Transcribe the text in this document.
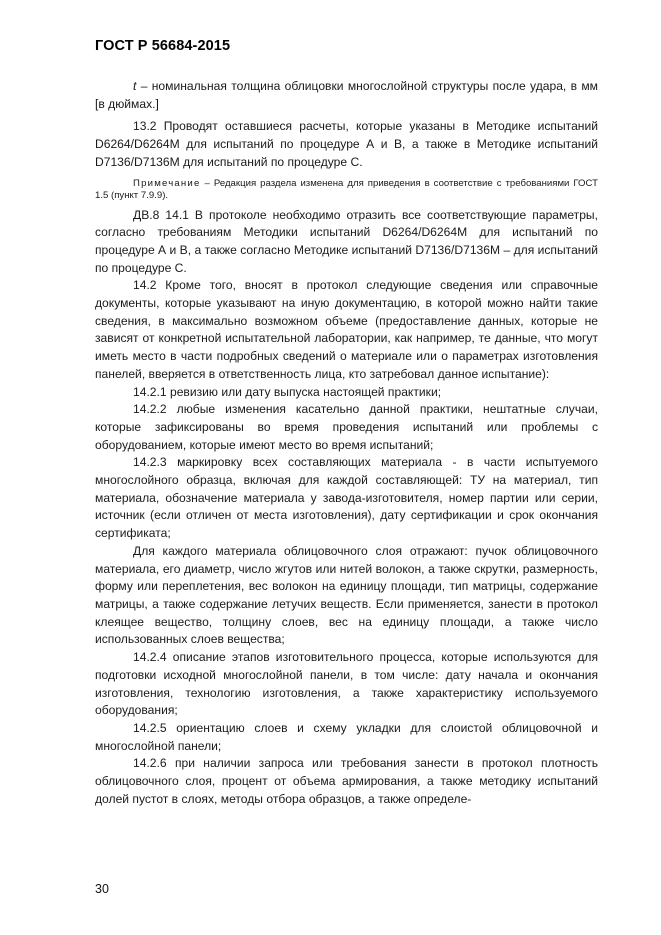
ГОСТ Р 56684-2015

t – номинальная толщина облицовки многослойной структуры после удара, в мм [в дюймах.]

13.2 Проводят оставшиеся расчеты, которые указаны в Методике испытаний D6264/D6264M для испытаний по процедуре А и В, а также в Методике испытаний D7136/D7136M для испытаний по процедуре С.

Примечание – Редакция раздела изменена для приведения в соответствие с требованиями ГОСТ 1.5 (пункт 7.9.9).

ДВ.8 14.1 В протоколе необходимо отразить все соответствующие параметры, согласно требованиям Методики испытаний D6264/D6264M для испытаний по процедуре А и В, а также согласно Методике испытаний D7136/D7136M – для испытаний по процедуре С.

14.2 Кроме того, вносят в протокол следующие сведения или справочные документы, которые указывают на иную документацию, в которой можно найти такие сведения, в максимально возможном объеме (предоставление данных, которые не зависят от конкретной испытательной лаборатории, как например, те данные, что могут иметь место в части подробных сведений о материале или о параметрах изготовления панелей, вверяется в ответственность лица, кто затребовал данное испытание):

14.2.1 ревизию или дату выпуска настоящей практики;

14.2.2 любые изменения касательно данной практики, нештатные случаи, которые зафиксированы во время проведения испытаний или проблемы с оборудованием, которые имеют место во время испытаний;

14.2.3 маркировку всех составляющих материала - в части испытуемого многослойного образца, включая для каждой составляющей: ТУ на материал, тип материала, обозначение материала у завода-изготовителя, номер партии или серии, источник (если отличен от места изготовления), дату сертификации и срок окончания сертификата;

Для каждого материала облицовочного слоя отражают: пучок облицовочного материала, его диаметр, число жгутов или нитей волокон, а также скрутки, размерность, форму или переплетения, вес волокон на единицу площади, тип матрицы, содержание матрицы, а также содержание летучих веществ. Если применяется, занести в протокол клеящее вещество, толщину слоев, вес на единицу площади, а также число использованных слоев вещества;

14.2.4 описание этапов изготовительного процесса, которые используются для подготовки исходной многослойной панели, в том числе: дату начала и окончания изготовления, технологию изготовления, а также характеристику используемого оборудования;

14.2.5 ориентацию слоев и схему укладки для слоистой облицовочной и многослойной панели;

14.2.6 при наличии запроса или требования занести в протокол плотность облицовочного слоя, процент от объема армирования, а также методику испытаний долей пустот в слоях, методы отбора образцов, а также определе-

30
